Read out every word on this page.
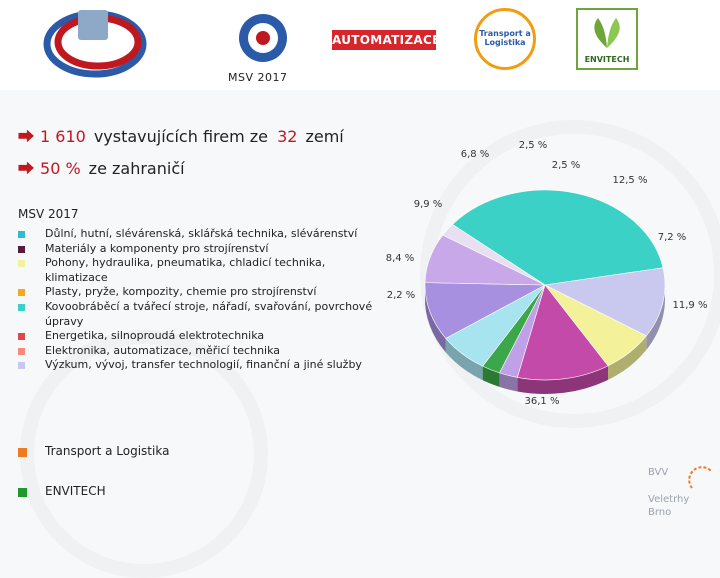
MSV 2017
AUTOMATIZACE	Transport a Logistika
ENVITECH
⮕ 1 610 vystavujících firem ze 32 zemí
⮕ 50 % ze zahraničí
MSV 2017
Důlní, hutní, slévárenská, sklářská technika, slévárenství
Materiály a komponenty pro strojírenství
Pohony, hydraulika, pneumatika, chladicí technika, klimatizace
Plasty, pryže, kompozity, chemie pro strojírenství
Kovoobráběcí a tvářecí stroje, nářadí, svařování, povrchové úpravy
Energetika, silnoproudá elektrotechnika
Elektronika, automatizace, měřicí technika
Výzkum, vývoj, transfer technologií, finanční a jiné služby
Transport a Logistika
ENVITECH
BVV
Veletrhy
Brno
36,1 %
11,9 %
7,2 %
12,5 %
2,5 %
2,5 %
6,8 %
9,9 %
8,4 %
2,2 %
